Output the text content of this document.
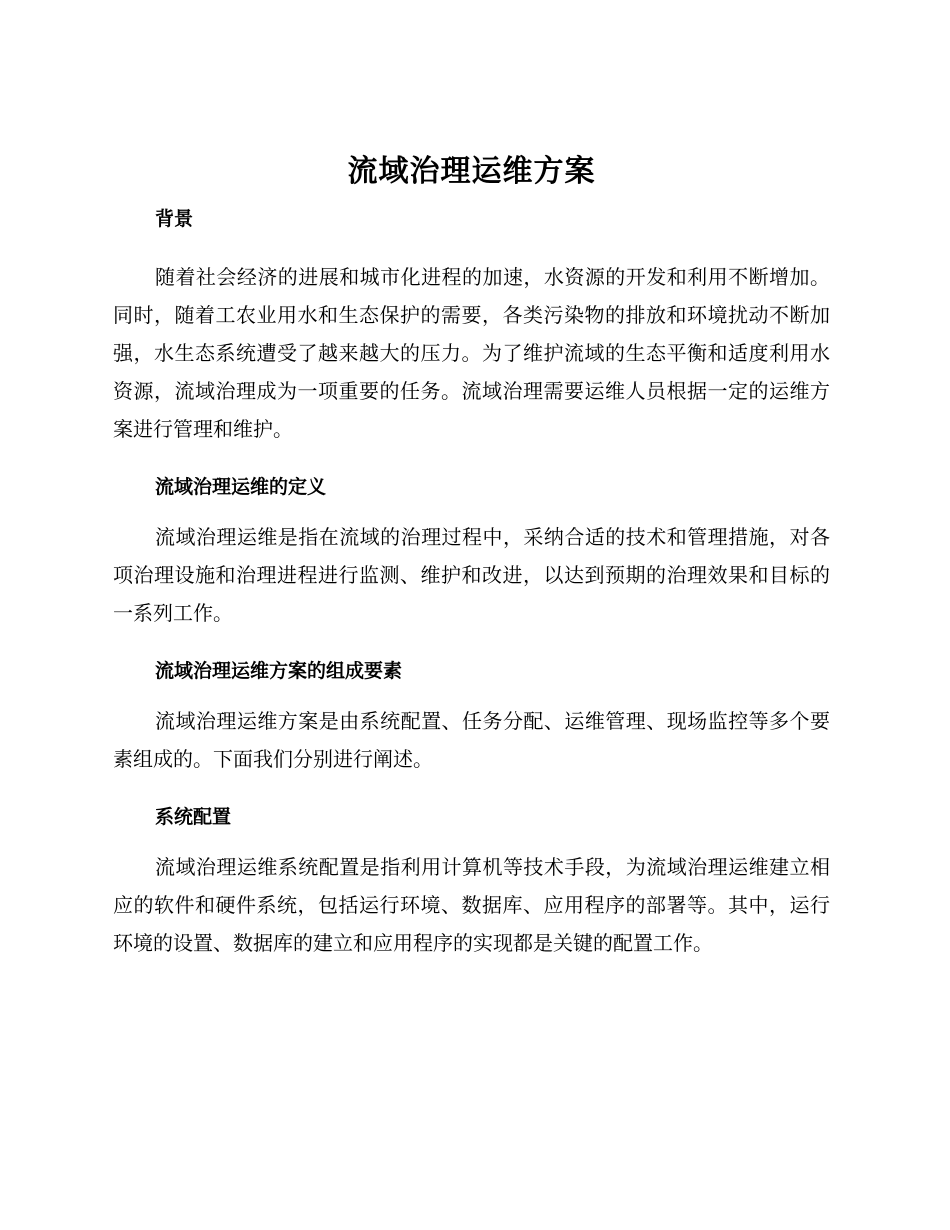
流域治理运维方案
背景

随着社会经济的进展和城市化进程的加速，水资源的开发和利用不断增加。同时，随着工农业用水和生态保护的需要，各类污染物的排放和环境扰动不断加强，水生态系统遭受了越来越大的压力。为了维护流域的生态平衡和适度利用水资源，流域治理成为一项重要的任务。流域治理需要运维人员根据一定的运维方案进行管理和维护。

流域治理运维的定义

流域治理运维是指在流域的治理过程中，采纳合适的技术和管理措施，对各项治理设施和治理进程进行监测、维护和改进，以达到预期的治理效果和目标的一系列工作。

流域治理运维方案的组成要素

流域治理运维方案是由系统配置、任务分配、运维管理、现场监控等多个要素组成的。下面我们分别进行阐述。

系统配置

流域治理运维系统配置是指利用计算机等技术手段，为流域治理运维建立相应的软件和硬件系统，包括运行环境、数据库、应用程序的部署等。其中，运行环境的设置、数据库的建立和应用程序的实现都是关键的配置工作。
